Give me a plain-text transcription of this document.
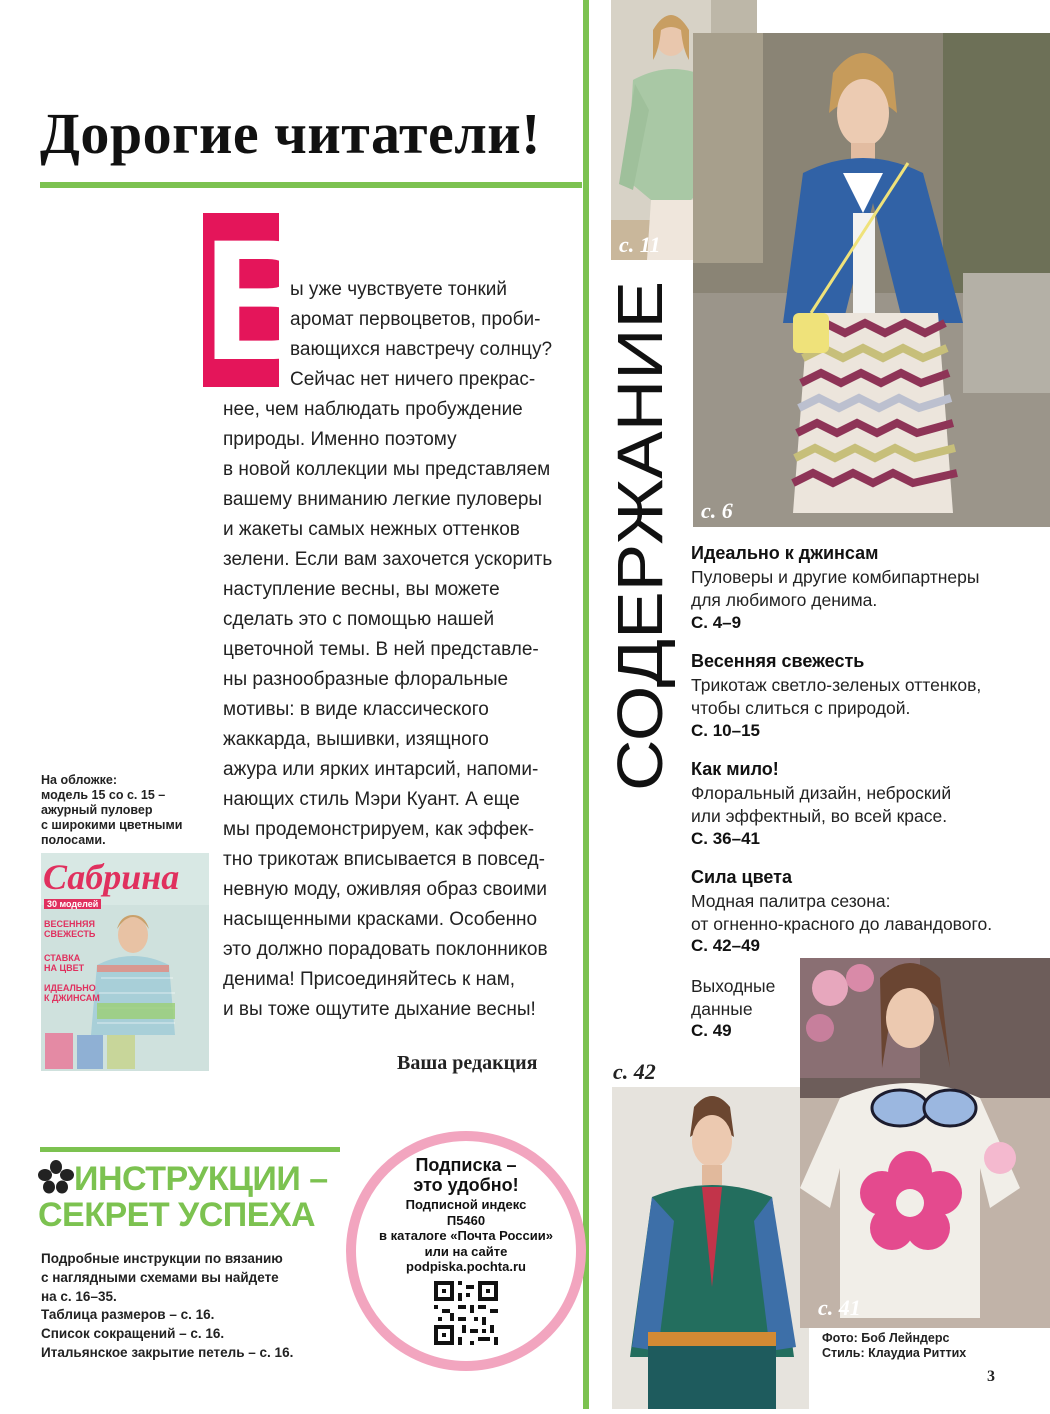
Дорогие читатели!
В
ы уже чувствуете тонкий
аромат первоцветов, проби-
вающихся навстречу солнцу?
Сейчас нет ничего прекрас-
нее, чем наблюдать пробуждение
природы. Именно поэтому
в новой коллекции мы представляем
вашему вниманию легкие пуловеры
и жакеты самых нежных оттенков
зелени. Если вам захочется ускорить
наступление весны, вы можете
сделать это с помощью нашей
цветочной темы. В ней представле-
ны разнообразные флоральные
мотивы: в виде классического
жаккарда, вышивки, изящного
ажура или ярких интарсий, напоми-
нающих стиль Мэри Куант. А еще
мы продемонстрируем, как эффек-
тно трикотаж вписывается в повсед-
невную моду, оживляя образ своими
насыщенными красками. Особенно
это должно порадовать поклонников
денима! Присоединяйтесь к нам,
и вы тоже ощутите дыхание весны!
Ваша редакция
На обложке:
модель 15 со с. 15 –
ажурный пуловер
с широкими цветными
полосами.
Сабрина
30 моделей
ВЕСЕННЯЯ
СВЕЖЕСТЬ
СТАВКА
НА ЦВЕТ
ИДЕАЛЬНО
К ДЖИНСАМ
ИНСТРУКЦИИ –
СЕКРЕТ УСПЕХА
Подробные инструкции по вязанию
с наглядными схемами вы найдете
на с. 16–35.
Таблица размеров – с. 16.
Список сокращений – с. 16.
Итальянское закрытие петель – с. 16.
Подписка –
это удобно!
Подписной индекс
П5460
в каталоге «Почта России»
или на сайте
podpiska.pochta.ru
с. 11
с. 6
СОДЕРЖАНИЕ Идеально к джинсам
Пуловеры и другие комбипартнеры
для любимого денима.
С. 4–9
Весенняя свежесть
Трикотаж светло-зеленых оттенков,
чтобы слиться с природой.
С. 10–15
Как мило!
Флоральный дизайн, неброский
или эффектный, во всей красе.
С. 36–41
Сила цвета
Модная палитра сезона:
от огненно-красного до лавандового.
С. 42–49
Выходные
данные
С. 49
с. 42
с. 41
Фото: Боб Лейндерс
Стиль: Клаудиа Риттих
3
